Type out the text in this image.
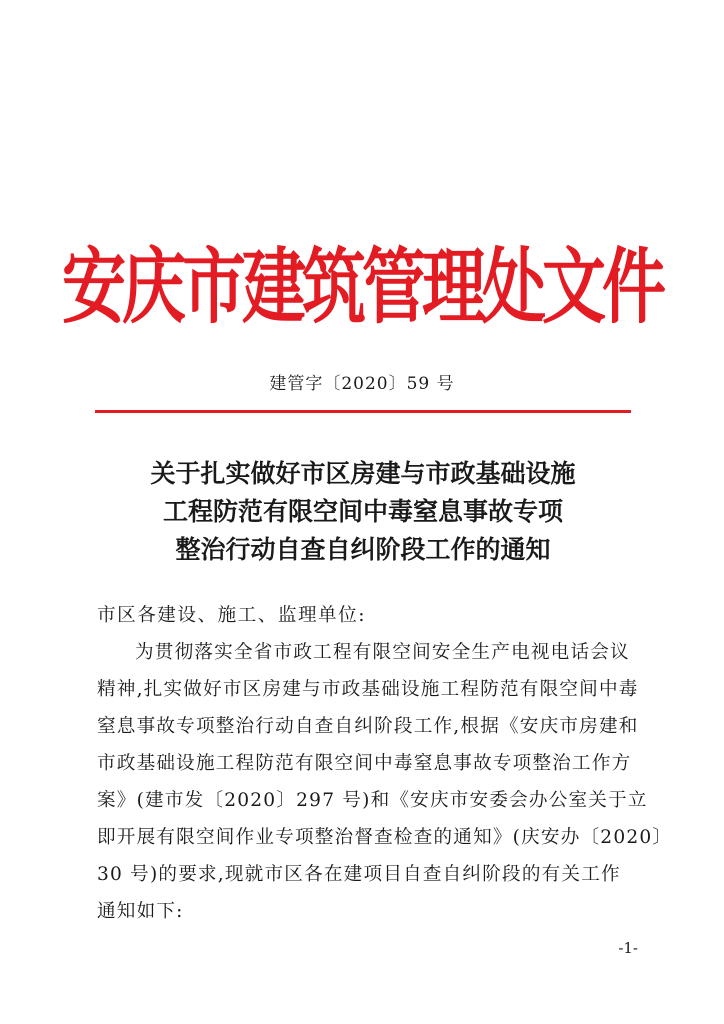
安庆市建筑管理处文件
建管字〔2020〕59 号
关于扎实做好市区房建与市政基础设施
工程防范有限空间中毒窒息事故专项
整治行动自查自纠阶段工作的通知
市区各建设、施工、监理单位:
为贯彻落实全省市政工程有限空间安全生产电视电话会议
精神,扎实做好市区房建与市政基础设施工程防范有限空间中毒
窒息事故专项整治行动自查自纠阶段工作,根据《安庆市房建和
市政基础设施工程防范有限空间中毒窒息事故专项整治工作方
案》(建市发〔2020〕297 号)和《安庆市安委会办公室关于立
即开展有限空间作业专项整治督查检查的通知》(庆安办〔2020〕
30 号)的要求,现就市区各在建项目自查自纠阶段的有关工作
通知如下:
-1-
